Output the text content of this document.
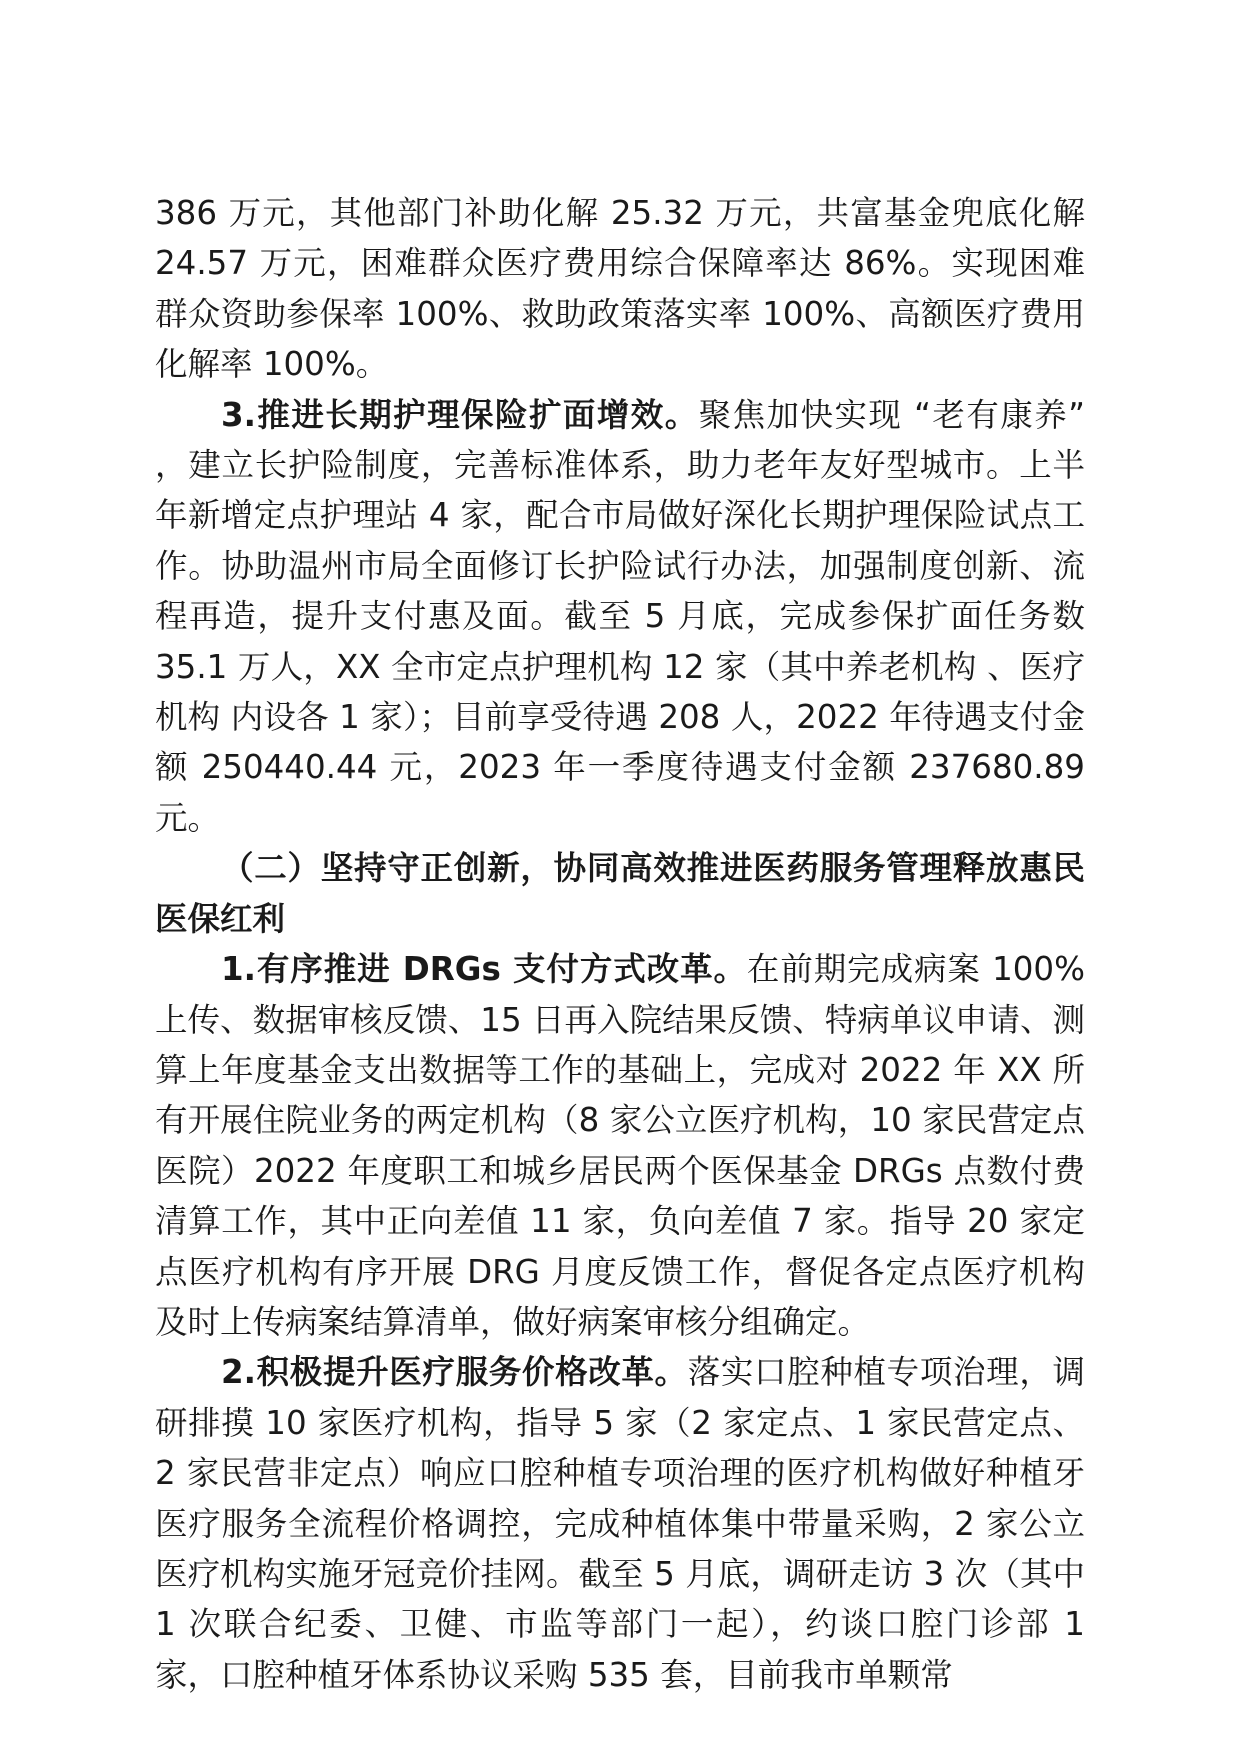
386 万元，其他部门补助化解 25.32 万元，共富基金兜底化解 24.57 万元，困难群众医疗费用综合保障率达 86%。实现困难群众资助参保率 100%、救助政策落实率 100%、高额医疗费用化解率 100%。

3.推进长期护理保险扩面增效。聚焦加快实现 “老有康养” ，建立长护险制度，完善标准体系，助力老年友好型城市。上半年新增定点护理站 4 家，配合市局做好深化长期护理保险试点工作。协助温州市局全面修订长护险试行办法，加强制度创新、流程再造，提升支付惠及面。截至 5 月底，完成参保扩面任务数 35.1 万人，XX 全市定点护理机构 12 家（其中养老机构 、医疗机构 内设各 1 家）；目前享受待遇 208 人，2022 年待遇支付金额 250440.44 元，2023 年一季度待遇支付金额 237680.89 元。

（二）坚持守正创新，协同高效推进医药服务管理释放惠民医保红利

1.有序推进 DRGs 支付方式改革。在前期完成病案 100%上传、数据审核反馈、15 日再入院结果反馈、特病单议申请、测算上年度基金支出数据等工作的基础上，完成对 2022 年 XX 所有开展住院业务的两定机构（8 家公立医疗机构，10 家民营定点医院）2022 年度职工和城乡居民两个医保基金 DRGs 点数付费清算工作，其中正向差值 11 家，负向差值 7 家。指导 20 家定点医疗机构有序开展 DRG 月度反馈工作，督促各定点医疗机构及时上传病案结算清单，做好病案审核分组确定。

2.积极提升医疗服务价格改革。落实口腔种植专项治理，调研排摸 10 家医疗机构，指导 5 家（2 家定点、1 家民营定点、2 家民营非定点）响应口腔种植专项治理的医疗机构做好种植牙医疗服务全流程价格调控，完成种植体集中带量采购，2 家公立医疗机构实施牙冠竞价挂网。截至 5 月底，调研走访 3 次（其中 1 次联合纪委、卫健、市监等部门一起），约谈口腔门诊部 1 家，口腔种植牙体系协议采购 535 套，目前我市单颗常
